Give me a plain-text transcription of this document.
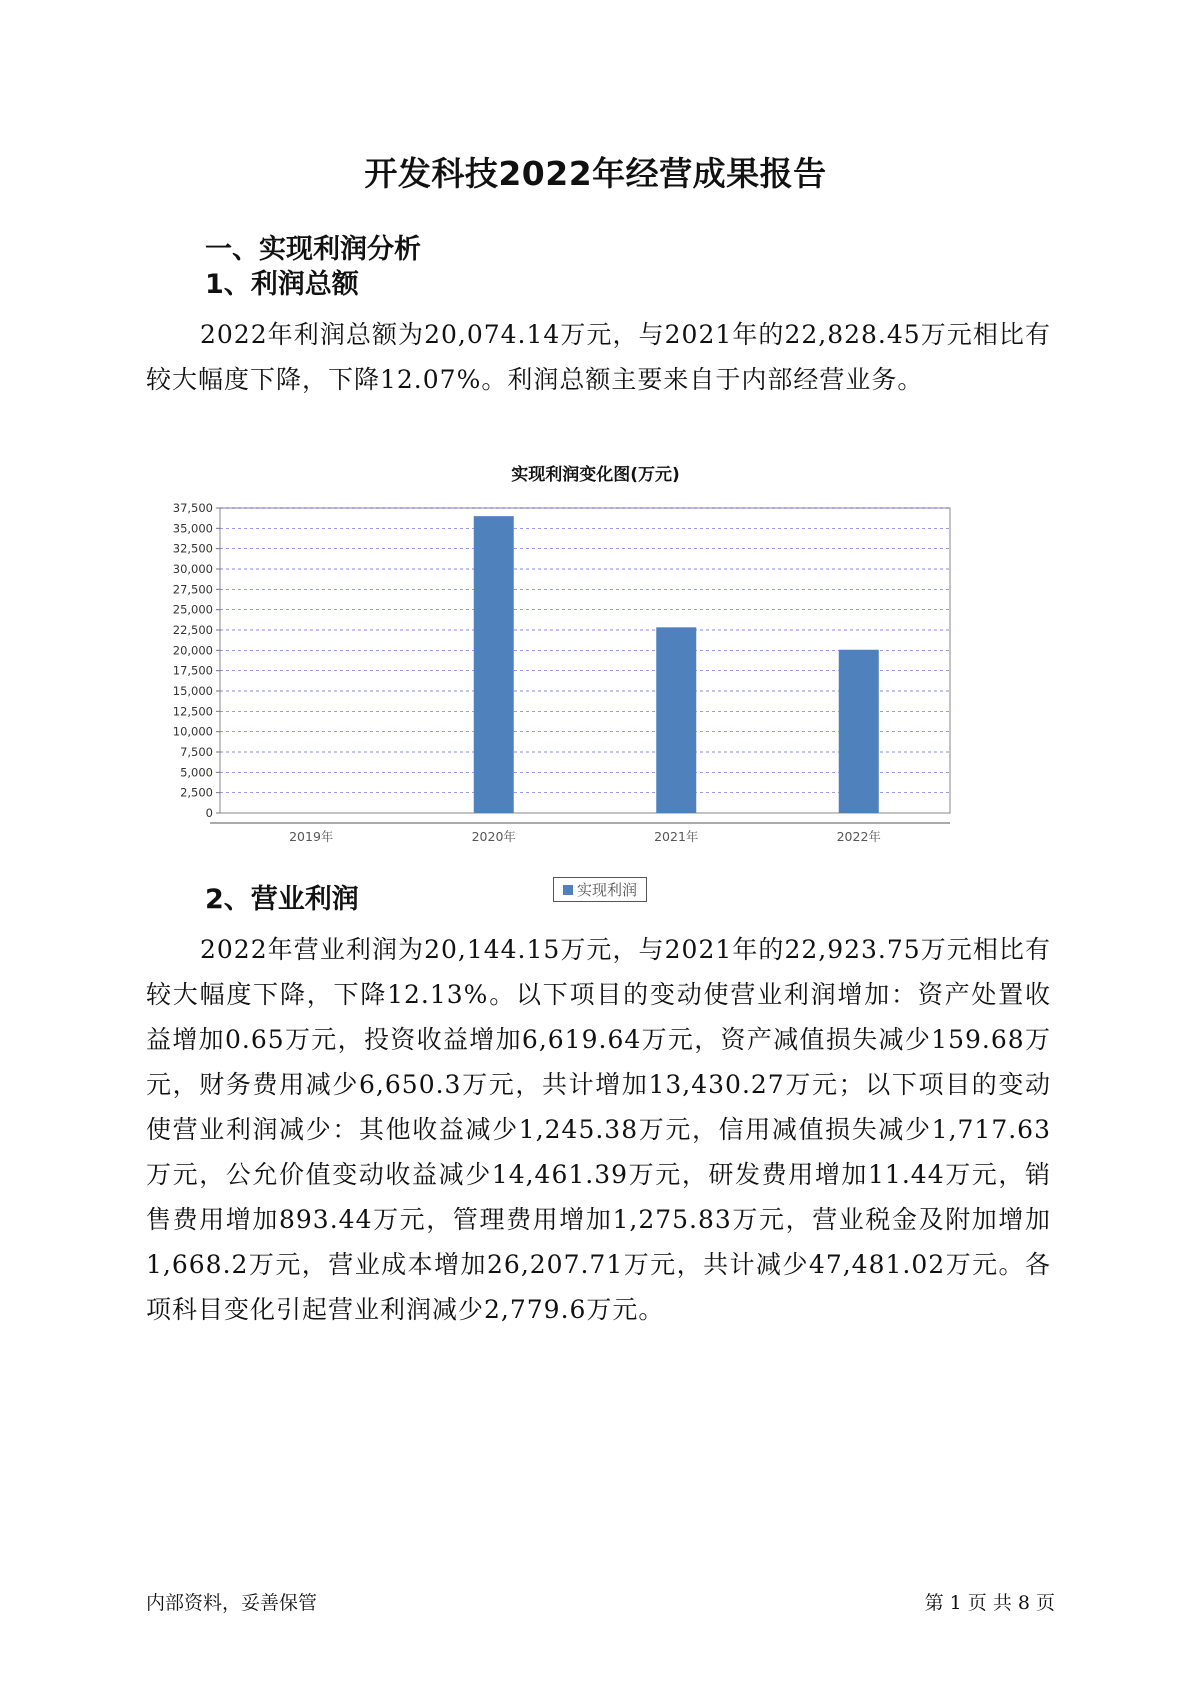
开发科技2022年经营成果报告
一、实现利润分析
1、利润总额

2022年利润总额为20,074.14万元，与2021年的22,828.45万元相比有较大幅度下降，下降12.07%。利润总额主要来自于内部经营业务。

实现利润变化图(万元)
0
2,500
5,000
7,500
10,000
12,500
15,000
17,500
20,000
22,500
25,000
27,500
30,000
32,500
35,000
37,500
2019年	2020年	2021年	2022年
实现利润
2、营业利润

2022年营业利润为20,144.15万元，与2021年的22,923.75万元相比有较大幅度下降，下降12.13%。以下项目的变动使营业利润增加：资产处置收益增加0.65万元，投资收益增加6,619.64万元，资产减值损失减少159.68万元，财务费用减少6,650.3万元，共计增加13,430.27万元；以下项目的变动使营业利润减少：其他收益减少1,245.38万元，信用减值损失减少1,717.63万元，公允价值变动收益减少14,461.39万元，研发费用增加11.44万元，销售费用增加893.44万元，管理费用增加1,275.83万元，营业税金及附加增加1,668.2万元，营业成本增加26,207.71万元，共计减少47,481.02万元。各项科目变化引起营业利润减少2,779.6万元。

内部资料，妥善保管	第 1 页 共 8 页
